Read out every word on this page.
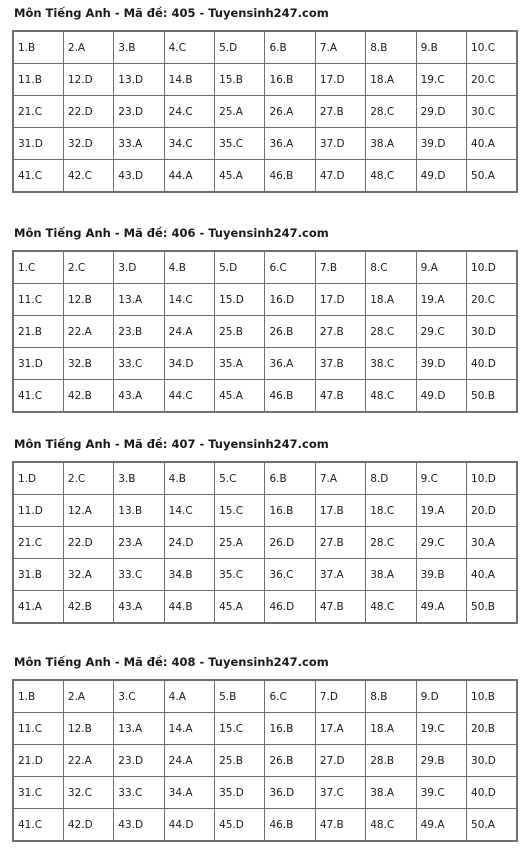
Môn Tiếng Anh - Mã đề: 405 - Tuyensinh247.com
1.B	2.A	3.B	4.C	5.D	6.B	7.A	8.B	9.B	10.C
11.B	12.D	13.D	14.B	15.B	16.B	17.D	18.A	19.C	20.C
21.C	22.D	23.D	24.C	25.A	26.A	27.B	28.C	29.D	30.C
31.D	32.D	33.A	34.C	35.C	36.A	37.D	38.A	39.D	40.A
41.C	42.C	43.D	44.A	45.A	46.B	47.D	48.C	49.D	50.A
Môn Tiếng Anh - Mã đề: 406 - Tuyensinh247.com
1.C	2.C	3.D	4.B	5.D	6.C	7.B	8.C	9.A	10.D
11.C	12.B	13.A	14.C	15.D	16.D	17.D	18.A	19.A	20.C
21.B	22.A	23.B	24.A	25.B	26.B	27.B	28.C	29.C	30.D
31.D	32.B	33.C	34.D	35.A	36.A	37.B	38.C	39.D	40.D
41.C	42.B	43.A	44.C	45.A	46.B	47.B	48.C	49.D	50.B
Môn Tiếng Anh - Mã đề: 407 - Tuyensinh247.com
1.D	2.C	3.B	4.B	5.C	6.B	7.A	8.D	9.C	10.D
11.D	12.A	13.B	14.C	15.C	16.B	17.B	18.C	19.A	20.D
21.C	22.D	23.A	24.D	25.A	26.D	27.B	28.C	29.C	30.A
31.B	32.A	33.C	34.B	35.C	36.C	37.A	38.A	39.B	40.A
41.A	42.B	43.A	44.B	45.A	46.D	47.B	48.C	49.A	50.B
Môn Tiếng Anh - Mã đề: 408 - Tuyensinh247.com
1.B	2.A	3.C	4.A	5.B	6.C	7.D	8.B	9.D	10.B
11.C	12.B	13.A	14.A	15.C	16.B	17.A	18.A	19.C	20.B
21.D	22.A	23.D	24.A	25.B	26.B	27.D	28.B	29.B	30.D
31.C	32.C	33.C	34.A	35.D	36.D	37.C	38.A	39.C	40.D
41.C	42.D	43.D	44.D	45.D	46.B	47.B	48.C	49.A	50.A
